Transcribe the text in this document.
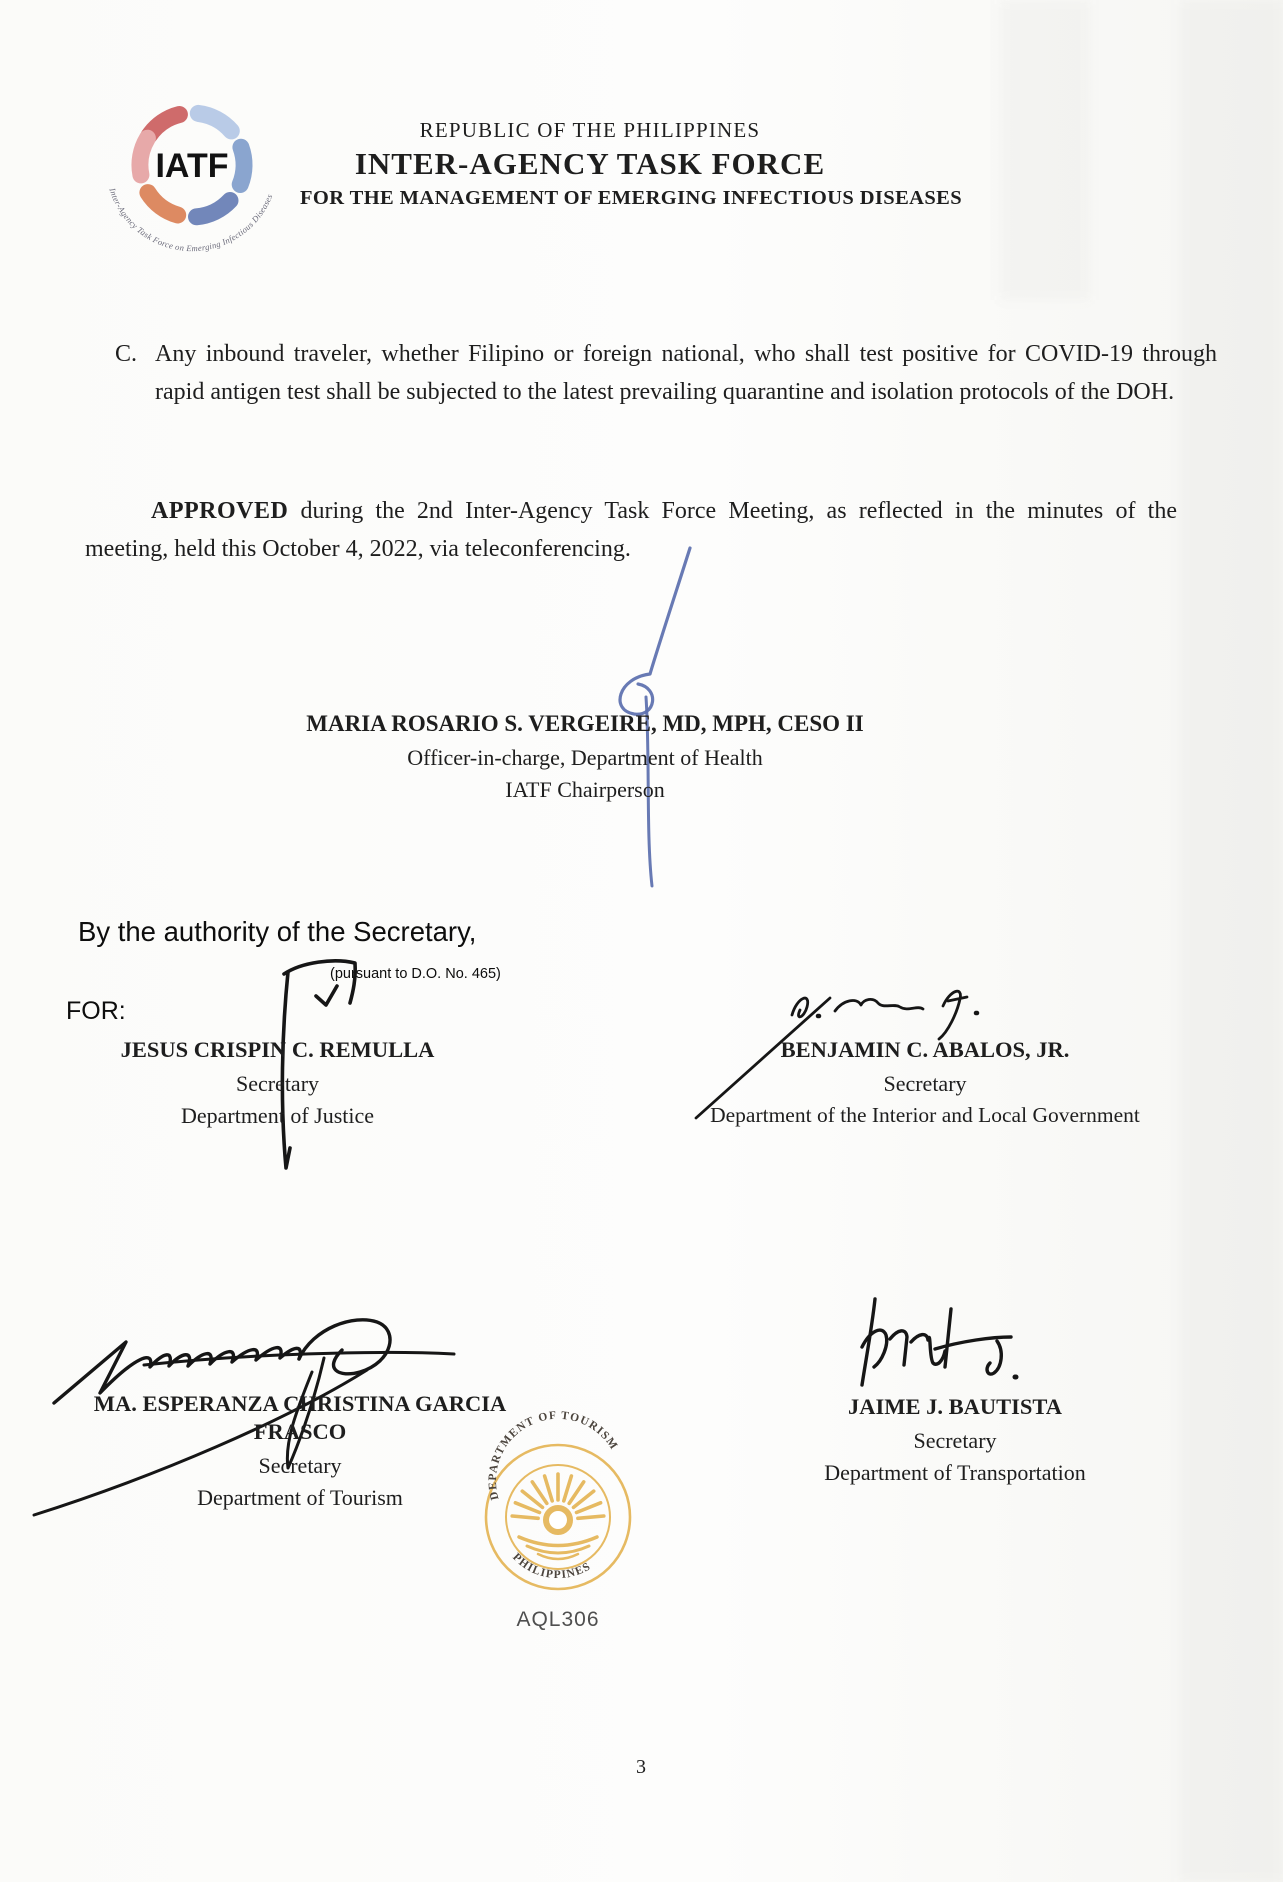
IATF
Inter-Agency Task Force on Emerging Infectious Diseases
REPUBLIC OF THE PHILIPPINES
INTER-AGENCY TASK FORCE
FOR THE MANAGEMENT OF EMERGING INFECTIOUS DISEASES
C. Any inbound traveler, whether Filipino or foreign national, who shall test positive for COVID-19 through rapid antigen test shall be subjected to the latest prevailing quarantine and isolation protocols of the DOH.
APPROVED during the 2nd Inter-Agency Task Force Meeting, as reflected in the minutes of the meeting, held this October 4, 2022, via teleconferencing.

MARIA ROSARIO S. VERGEIRE, MD, MPH, CESO II

Officer-in-charge, Department of Health

IATF Chairperson

By the authority of the Secretary,
(pursuant to D.O. No. 465)
FOR:

JESUS CRISPIN C. REMULLA

Secretary

Department of Justice

BENJAMIN C. ABALOS, JR.

Secretary

Department of the Interior and Local Government

MA. ESPERANZA CHRISTINA GARCIA FRASCO

Secretary

Department of Tourism

JAIME J. BAUTISTA

Secretary

Department of Transportation

DEPARTMENT OF TOURISM
PHILIPPINES
AQL306
3
